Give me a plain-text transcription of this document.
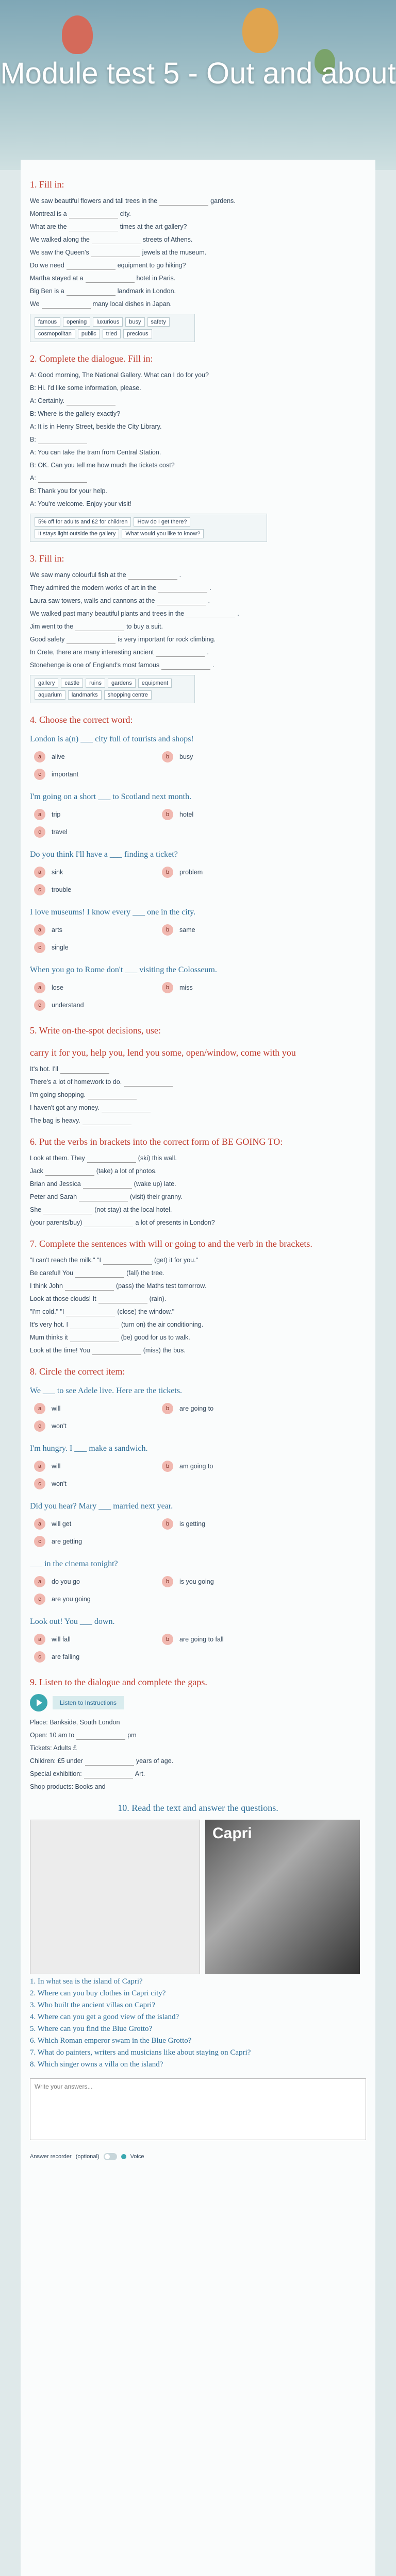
Module test 5 - Out and about
1. Fill in:
We saw beautiful flowers and tall trees in the	gardens.
Montreal is a	city.
What are the	times at the art gallery?
We walked along the	streets of Athens.
We saw the Queen's	jewels at the museum.
Do we need	equipment to go hiking?
Martha stayed at a	hotel in Paris.
Big Ben is a	landmark in London.
We	many local dishes in Japan.
famous	opening	luxurious	busy	safety
cosmopolitan	public	tried	precious
2. Complete the dialogue. Fill in:
A: Good morning, The National Gallery. What can I do for you?
B: Hi. I'd like some information, please.
A: Certainly.
B: Where is the gallery exactly?
A: It is in Henry Street, beside the City Library.
B:
A: You can take the tram from Central Station.
B: OK. Can you tell me how much the tickets cost?
A:
B: Thank you for your help.
A: You're welcome. Enjoy your visit!
5% off for adults and £2 for children	How do I get there?
It stays light outside the gallery	What would you like to know?
3. Fill in:
We saw many colourful fish at the	.
They admired the modern works of art in the	.
Laura saw towers, walls and cannons at the	.
We walked past many beautiful plants and trees in the	.
Jim went to the	to buy a suit.
Good safety	is very important for rock climbing.
In Crete, there are many interesting ancient	.
Stonehenge is one of England's most famous	.
gallery	castle	ruins	gardens	equipment
aquarium	landmarks	shopping centre
4. Choose the correct word:
London is a(n) ___ city full of tourists and shops!
a	alive	b	busy
c	important
I'm going on a short ___ to Scotland next month.
a	trip	b	hotel
c	travel
Do you think I'll have a ___ finding a ticket?
a	sink	b	problem
c	trouble
I love museums! I know every ___ one in the city.
a	arts	b	same
c	single
When you go to Rome don't ___ visiting the Colosseum.
a	lose	b	miss
c	understand
5. Write on-the-spot decisions, use:
carry it for you, help you, lend you some, open/window, come with you
It's hot. I'll
There's a lot of homework to do.
I'm going shopping.
I haven't got any money.
The bag is heavy.
6. Put the verbs in brackets into the correct form of BE GOING TO:
Look at them. They	(ski) this wall.
Jack	(take) a lot of photos.
Brian and Jessica	(wake up) late.
Peter and Sarah	(visit) their granny.
She	(not stay) at the local hotel.
(your parents/buy)	a lot of presents in London?
7. Complete the sentences with will or going to and the verb in the brackets.
"I can't reach the milk." "I	(get) it for you."
Be careful! You	(fall) the tree.
I think John	(pass) the Maths test tomorrow.
Look at those clouds! It	(rain).
"I'm cold." "I	(close) the window."
It's very hot. I	(turn on) the air conditioning.
Mum thinks it	(be) good for us to walk.
Look at the time! You	(miss) the bus.
8. Circle the correct item:
We ___ to see Adele live. Here are the tickets.
a	will	b	are going to
c	won't
I'm hungry. I ___ make a sandwich.
a	will	b	am going to
c	won't
Did you hear? Mary ___ married next year.
a	will get	b	is getting
c	are getting
___ in the cinema tonight?
a	do you go	b	is you going
c	are you going
Look out! You ___ down.
a	will fall	b	are going to fall
c	are falling
9. Listen to the dialogue and complete the gaps.
Listen to Instructions
Place: Bankside, South London
Open: 10 am to	pm
Tickets: Adults £
Children: £5 under	years of age.
Special exhibition:	Art.
Shop products: Books and
10. Read the text and answer the questions.
Capri
1. In what sea is the island of Capri?
2. Where can you buy clothes in Capri city?
3. Who built the ancient villas on Capri?
4. Where can you get a good view of the island?
5. Where can you find the Blue Grotto?
6. Which Roman emperor swam in the Blue Grotto?
7. What do painters, writers and musicians like about staying on Capri?
8. Which singer owns a villa on the island?
Write your answers...
Answer recorder (optional)	Voice
